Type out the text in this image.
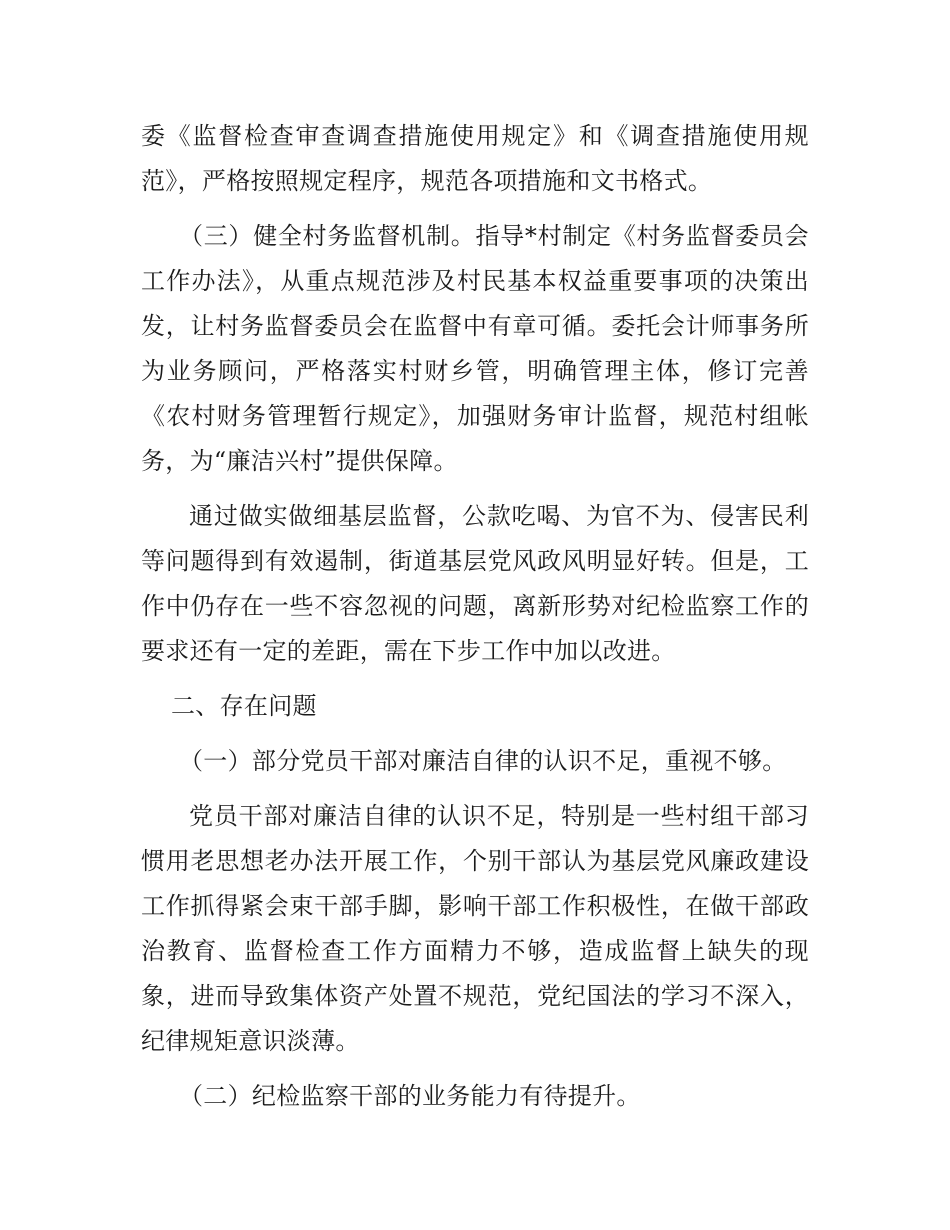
委《监督检查审查调查措施使用规定》和《调查措施使用规范》，严格按照规定程序，规范各项措施和文书格式。

（三）健全村务监督机制。指导*村制定《村务监督委员会工作办法》，从重点规范涉及村民基本权益重要事项的决策出发，让村务监督委员会在监督中有章可循。委托会计师事务所为业务顾问，严格落实村财乡管，明确管理主体，修订完善《农村财务管理暂行规定》，加强财务审计监督，规范村组帐务，为“廉洁兴村”提供保障。

通过做实做细基层监督，公款吃喝、为官不为、侵害民利等问题得到有效遏制，街道基层党风政风明显好转。但是，工作中仍存在一些不容忽视的问题，离新形势对纪检监察工作的要求还有一定的差距，需在下步工作中加以改进。

二、存在问题

（一）部分党员干部对廉洁自律的认识不足，重视不够。

党员干部对廉洁自律的认识不足，特别是一些村组干部习惯用老思想老办法开展工作，个别干部认为基层党风廉政建设工作抓得紧会束干部手脚，影响干部工作积极性，在做干部政治教育、监督检查工作方面精力不够，造成监督上缺失的现象，进而导致集体资产处置不规范，党纪国法的学习不深入，纪律规矩意识淡薄。

（二）纪检监察干部的业务能力有待提升。
